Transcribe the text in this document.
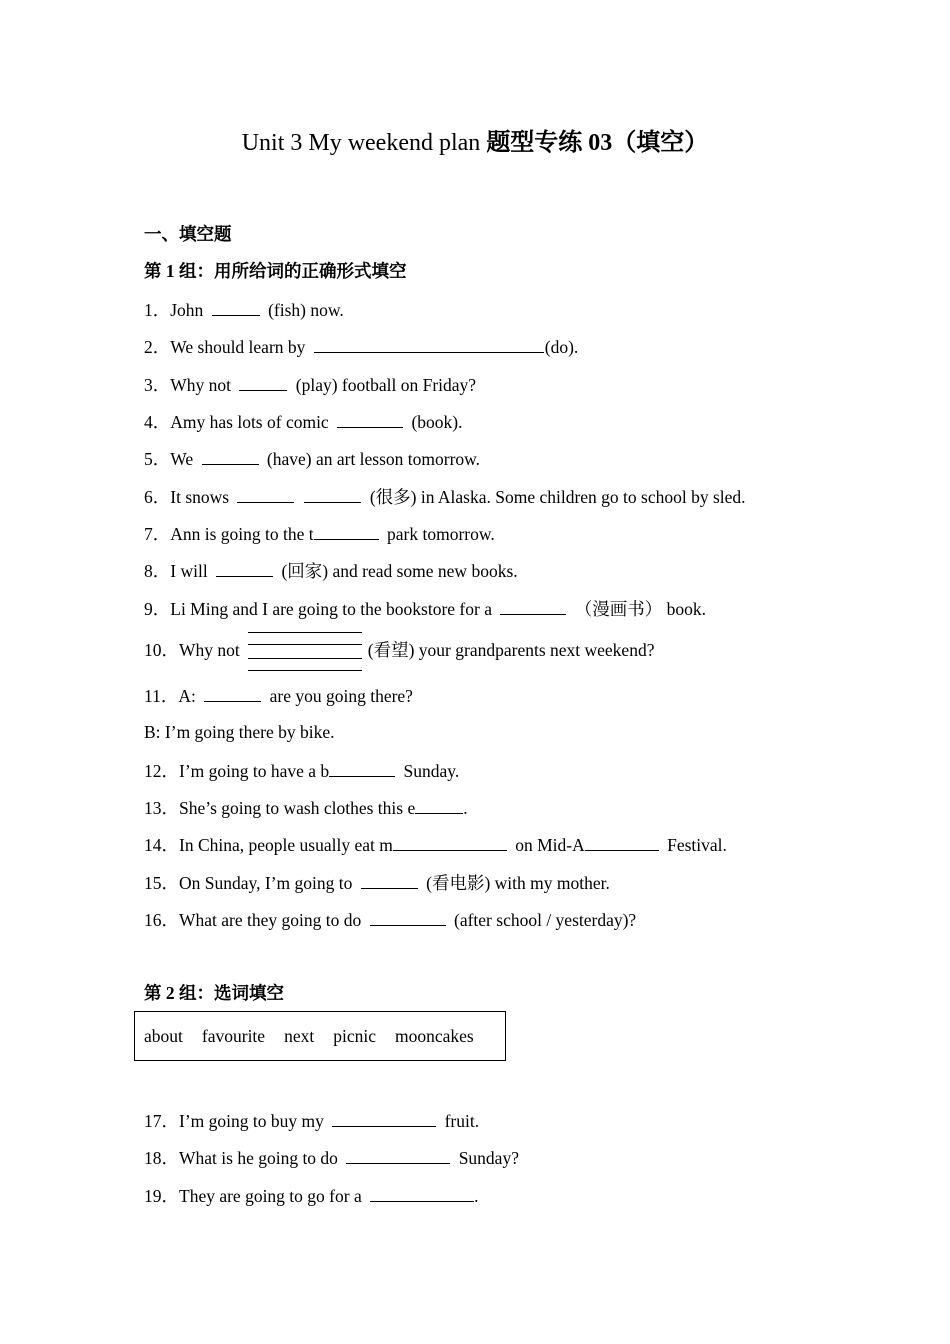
Unit 3 My weekend plan 题型专练 03（填空）
一、填空题
第 1 组：用所给词的正确形式填空
1．John	(fish) now.
2．We should learn by	(do).
3．Why not	(play) football on Friday?
4．Amy has lots of comic	(book).
5．We	(have) an art lesson tomorrow.
6．It snows	(很多) in Alaska. Some children go to school by sled.
7．Ann is going to the t	park tomorrow.
8．I will	(回家) and read some new books.
9．Li Ming and I are going to the bookstore for a	（漫画书） book.
10．Why not	(看望) your grandparents next weekend?
11．A:	are you going there?
B: I’m going there by bike.
12．I’m going to have a b	Sunday.
13．She’s going to wash clothes this e	.
14．In China, people usually eat m	on Mid-A	Festival.
15．On Sunday, I’m going to	(看电影) with my mother.
16．What are they going to do	(after school / yesterday)?
第 2 组：选词填空
about favourite next picnic mooncakes
17．I’m going to buy my	fruit.
18．What is he going to do	Sunday?
19．They are going to go for a	.
